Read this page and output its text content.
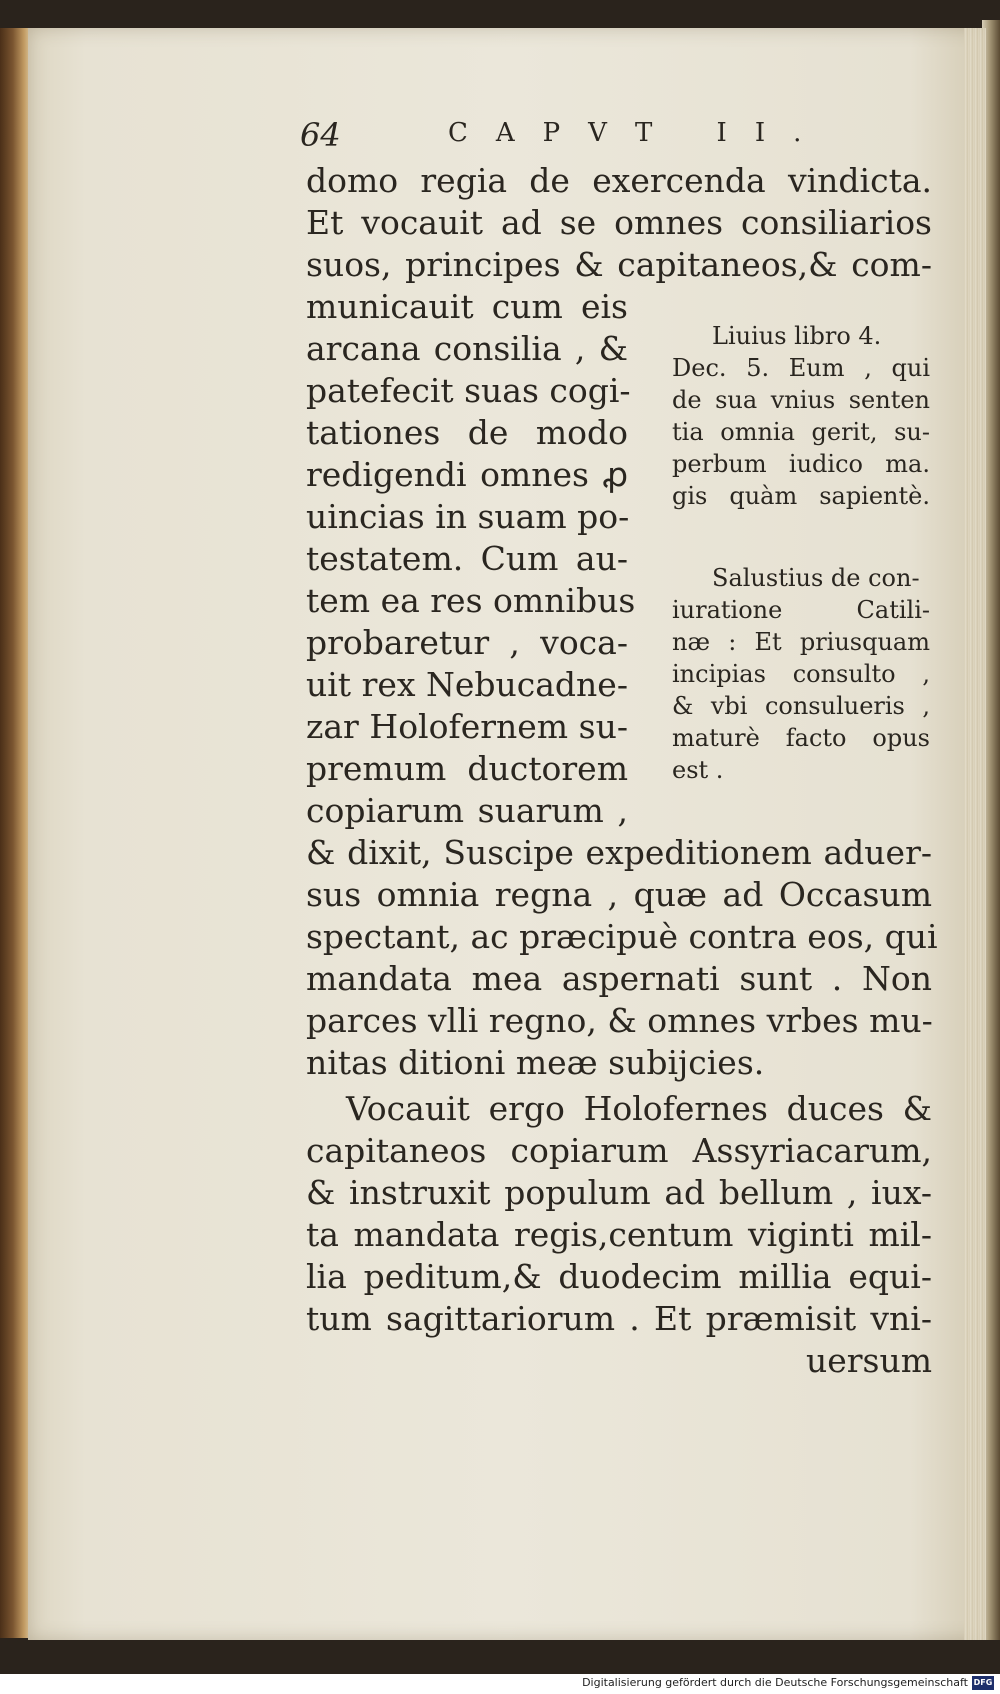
64

	CAPVT II.

domo regia de exercenda vindicta.
Et vocauit ad se omnes consiliarios
suos, principes & capitaneos,& com-
municauit cum eis
arcana consilia , &
patefecit suas cogi-
tationes de modo
redigendi omnes ꝓ
uincias in suam po-
testatem. Cum au-
tem ea res omnibus
probaretur , voca-
uit rex Nebucadne-
zar Holofernem su-
premum ductorem
copiarum suarum ,
& dixit, Suscipe expeditionem aduer-
sus omnia regna , quæ ad Occasum
spectant, ac præcipuè contra eos, qui
mandata mea aspernati sunt . Non
parces vlli regno, & omnes vrbes mu-
nitas ditioni meæ subijcies.
Vocauit ergo Holofernes duces &
capitaneos copiarum Assyriacarum,
& instruxit populum ad bellum , iux-
ta mandata regis,centum viginti mil-
lia peditum,& duodecim millia equi-
tum sagittariorum . Et præmisit vni-
uersum
Liuius libro 4.
Dec. 5. Eum , qui
de sua vnius senten
tia omnia gerit, su-
perbum iudico ma.
gis quàm sapientè.
Salustius de con-
iuratione Catili-
næ : Et priusquam
incipias consulto ,
& vbi consulueris ,
maturè facto opus
est .
Digitalisierung gefördert durch die Deutsche Forschungsgemeinschaft DFG
